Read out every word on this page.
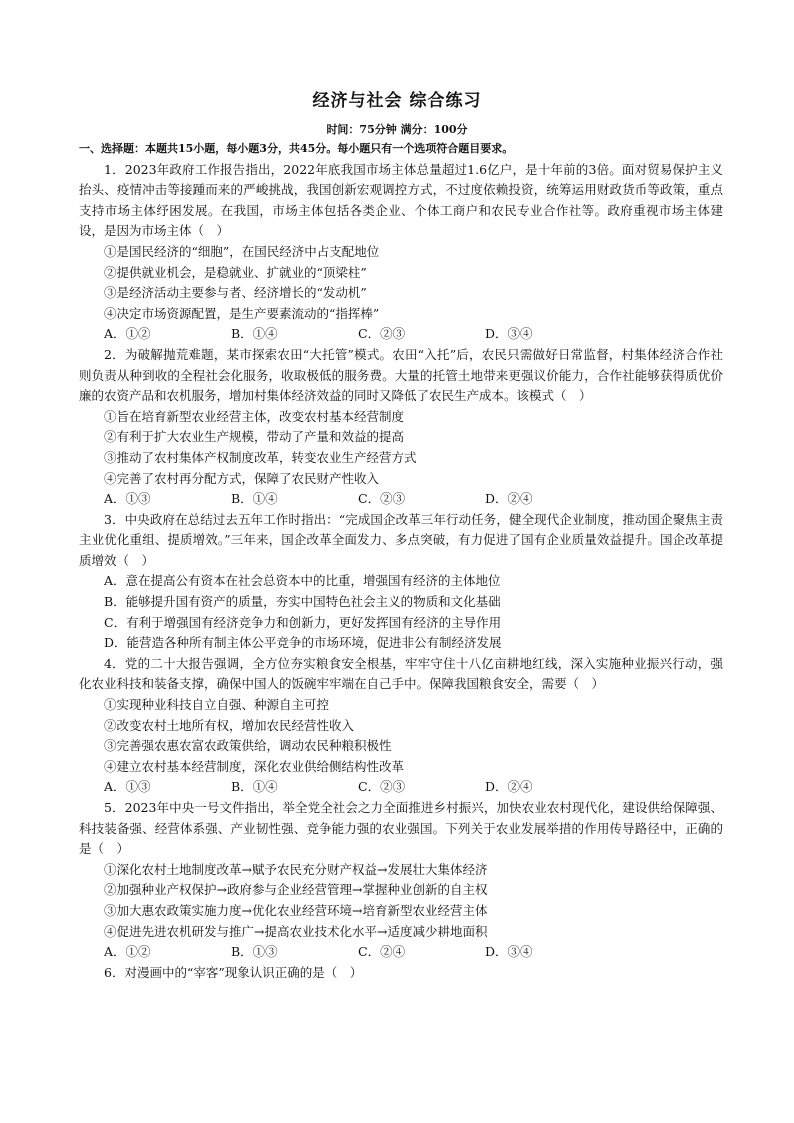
经济与社会 综合练习
时间：75分钟 满分：100分
一、选择题：本题共15小题，每小题3分，共45分。每小题只有一个选项符合题目要求。

1．2023年政府工作报告指出，2022年底我国市场主体总量超过1.6亿户，是十年前的3倍。面对贸易保护主义抬头、疫情冲击等接踵而来的严峻挑战，我国创新宏观调控方式，不过度依赖投资，统筹运用财政货币等政策，重点支持市场主体纾困发展。在我国，市场主体包括各类企业、个体工商户和农民专业合作社等。政府重视市场主体建设，是因为市场主体（　）

①是国民经济的“细胞”，在国民经济中占支配地位

②提供就业机会，是稳就业、扩就业的“顶梁柱”

③是经济活动主要参与者、经济增长的“发动机”

④决定市场资源配置，是生产要素流动的“指挥棒”

A．①②	B．①④	C．②③	D．③④

2．为破解抛荒难题，某市探索农田“大托管”模式。农田“入托”后，农民只需做好日常监督，村集体经济合作社则负责从种到收的全程社会化服务，收取极低的服务费。大量的托管土地带来更强议价能力，合作社能够获得质优价廉的农资产品和农机服务，增加村集体经济效益的同时又降低了农民生产成本。该模式（　）

①旨在培育新型农业经营主体，改变农村基本经营制度

②有利于扩大农业生产规模，带动了产量和效益的提高

③推动了农村集体产权制度改革，转变农业生产经营方式

④完善了农村再分配方式，保障了农民财产性收入

A．①③	B．①④	C．②③	D．②④

3．中央政府在总结过去五年工作时指出：“完成国企改革三年行动任务，健全现代企业制度，推动国企聚焦主责主业优化重组、提质增效。”三年来，国企改革全面发力、多点突破，有力促进了国有企业质量效益提升。国企改革提质增效（　）

A．意在提高公有资本在社会总资本中的比重，增强国有经济的主体地位

B．能够提升国有资产的质量，夯实中国特色社会主义的物质和文化基础

C．有利于增强国有经济竞争力和创新力，更好发挥国有经济的主导作用

D．能营造各种所有制主体公平竞争的市场环境，促进非公有制经济发展

4．党的二十大报告强调，全方位夯实粮食安全根基，牢牢守住十八亿亩耕地红线，深入实施种业振兴行动，强化农业科技和装备支撑，确保中国人的饭碗牢牢端在自己手中。保障我国粮食安全，需要（　）

①实现种业科技自立自强、种源自主可控

②改变农村土地所有权，增加农民经营性收入

③完善强农惠农富农政策供给，调动农民种粮积极性

④建立农村基本经营制度，深化农业供给侧结构性改革

A．①③	B．①④	C．②③	D．②④

5．2023年中央一号文件指出，举全党全社会之力全面推进乡村振兴，加快农业农村现代化，建设供给保障强、科技装备强、经营体系强、产业韧性强、竞争能力强的农业强国。下列关于农业发展举措的作用传导路径中，正确的是（　）

①深化农村土地制度改革→赋予农民充分财产权益→发展壮大集体经济

②加强种业产权保护→政府参与企业经营管理→掌握种业创新的自主权

③加大惠农政策实施力度→优化农业经营环境→培育新型农业经营主体

④促进先进农机研发与推广→提高农业技术化水平→适度减少耕地面积

A．①②	B．①③	C．②④	D．③④

6．对漫画中的“宰客”现象认识正确的是（　）
